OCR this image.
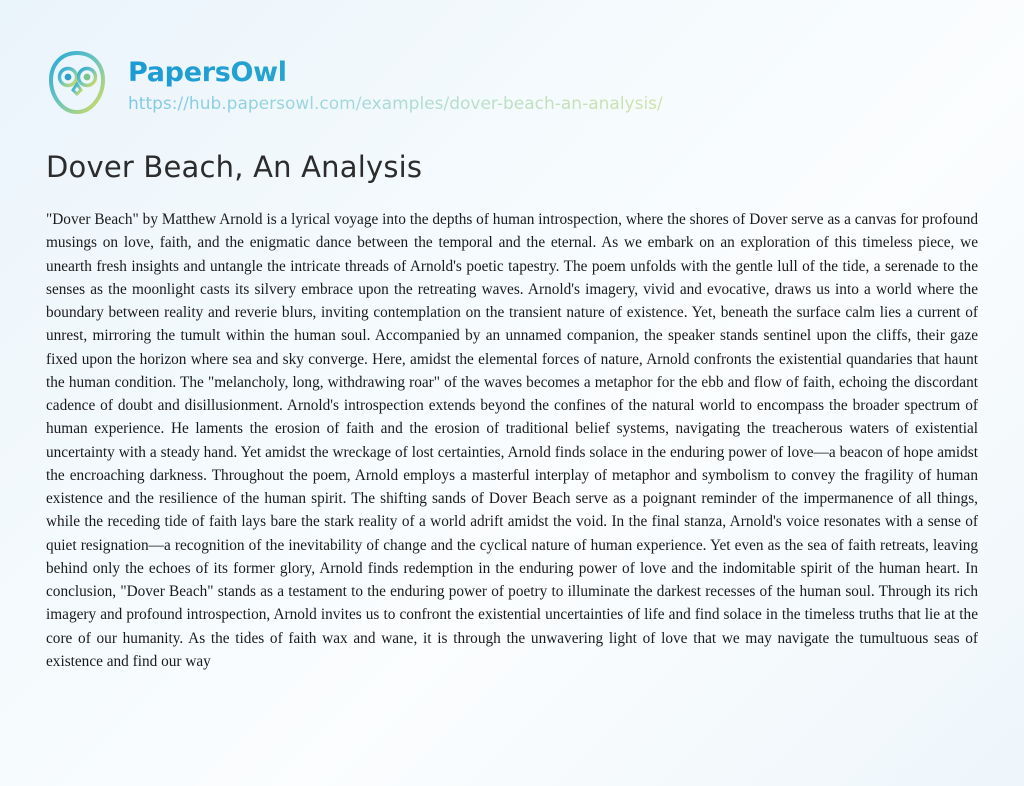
PapersOwl
https://hub.papersowl.com/examples/dover-beach-an-analysis/
Dover Beach, An Analysis

"Dover Beach" by Matthew Arnold is a lyrical voyage into the depths of human introspection, where the shores of Dover serve as a canvas for profound musings on love, faith, and the enigmatic dance between the temporal and the eternal. As we embark on an exploration of this timeless piece, we unearth fresh insights and untangle the intricate threads of Arnold's poetic tapestry. The poem unfolds with the gentle lull of the tide, a serenade to the senses as the moonlight casts its silvery embrace upon the retreating waves. Arnold's imagery, vivid and evocative, draws us into a world where the boundary between reality and reverie blurs, inviting contemplation on the transient nature of existence. Yet, beneath the surface calm lies a current of unrest, mirroring the tumult within the human soul. Accompanied by an unnamed companion, the speaker stands sentinel upon the cliffs, their gaze fixed upon the horizon where sea and sky converge. Here, amidst the elemental forces of nature, Arnold confronts the existential quandaries that haunt the human condition. The "melancholy, long, withdrawing roar" of the waves becomes a metaphor for the ebb and flow of faith, echoing the discordant cadence of doubt and disillusionment. Arnold's introspection extends beyond the confines of the natural world to encompass the broader spectrum of human experience. He laments the erosion of faith and the erosion of traditional belief systems, navigating the treacherous waters of existential uncertainty with a steady hand. Yet amidst the wreckage of lost certainties, Arnold finds solace in the enduring power of love—a beacon of hope amidst the encroaching darkness. Throughout the poem, Arnold employs a masterful interplay of metaphor and symbolism to convey the fragility of human existence and the resilience of the human spirit. The shifting sands of Dover Beach serve as a poignant reminder of the impermanence of all things, while the receding tide of faith lays bare the stark reality of a world adrift amidst the void. In the final stanza, Arnold's voice resonates with a sense of quiet resignation—a recognition of the inevitability of change and the cyclical nature of human experience. Yet even as the sea of faith retreats, leaving behind only the echoes of its former glory, Arnold finds redemption in the enduring power of love and the indomitable spirit of the human heart. In conclusion, "Dover Beach" stands as a testament to the enduring power of poetry to illuminate the darkest recesses of the human soul. Through its rich imagery and profound introspection, Arnold invites us to confront the existential uncertainties of life and find solace in the timeless truths that lie at the core of our humanity. As the tides of faith wax and wane, it is through the unwavering light of love that we may navigate the tumultuous seas of existence and find our way
